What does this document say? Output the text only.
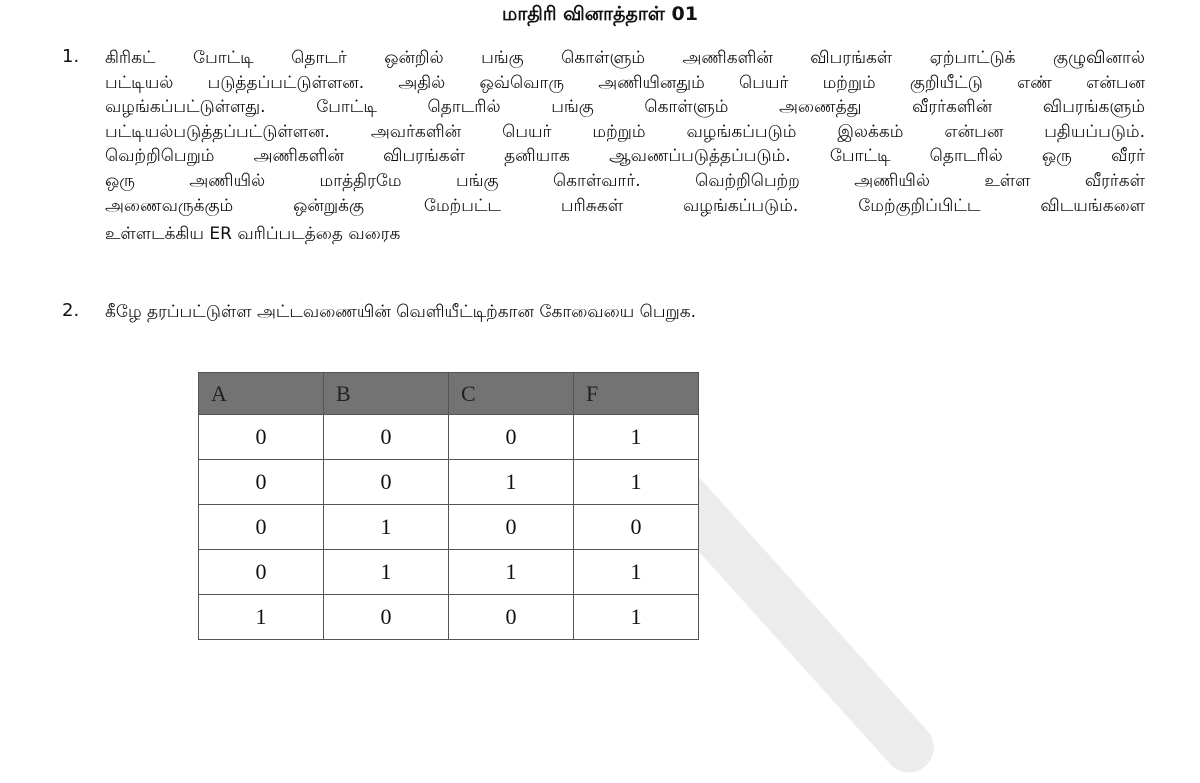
மாதிரி வினாத்தாள் 01
1. கிரிகட் போட்டி தொடர் ஒன்றில் பங்கு கொள்ளும் அணிகளின் விபரங்கள் ஏற்பாட்டுக் குழுவினால்
பட்டியல் படுத்தப்பட்டுள்ளன. அதில் ஒவ்வொரு அணியினதும் பெயர் மற்றும் குறியீட்டு எண் என்பன
வழங்கப்பட்டுள்ளது. போட்டி தொடரில் பங்கு கொள்ளும் அணைத்து வீரர்களின் விபரங்களும்
பட்டியல்படுத்தப்பட்டுள்ளன. அவர்களின் பெயர் மற்றும் வழங்கப்படும் இலக்கம் என்பன பதியப்படும்.
வெற்றிபெறும் அணிகளின் விபரங்கள் தனியாக ஆவணப்படுத்தப்படும். போட்டி தொடரில் ஒரு வீரர்
ஒரு அணியில் மாத்திரமே பங்கு கொள்வார். வெற்றிபெற்ற அணியில் உள்ள வீரர்கள்
அணைவருக்கும் ஒன்றுக்கு மேற்பட்ட பரிசுகள் வழங்கப்படும். மேற்குறிப்பிட்ட விடயங்களை
உள்ளடக்கிய ER வரிப்படத்தை வரைக
2. கீழே தரப்பட்டுள்ள அட்டவணையின் வெளியீட்டிற்கான கோவையை பெறுக.
A	B	C	F
0	0	0	1
0	0	1	1
0	1	0	0
0	1	1	1
1	0	0	1
